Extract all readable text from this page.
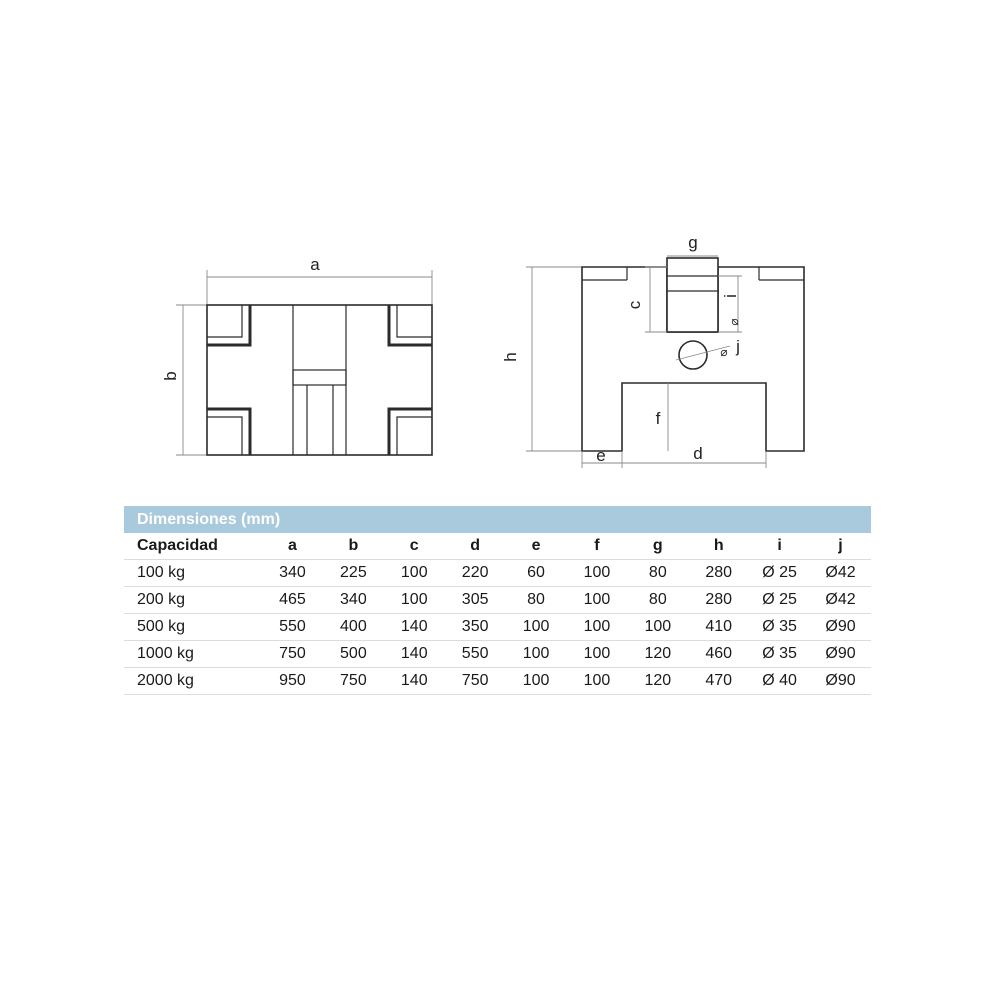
a
b
h
g
c
i
⌀
⌀ j
f
e	d
Dimensiones (mm)
Capacidad	a	b	c	d	e	f	g	h	i	j
100 kg	340	225	100	220	60	100	80	280	Ø 25	Ø42
200 kg	465	340	100	305	80	100	80	280	Ø 25	Ø42
500 kg	550	400	140	350	100	100	100	410	Ø 35	Ø90
1000 kg	750	500	140	550	100	100	120	460	Ø 35	Ø90
2000 kg	950	750	140	750	100	100	120	470	Ø 40	Ø90
